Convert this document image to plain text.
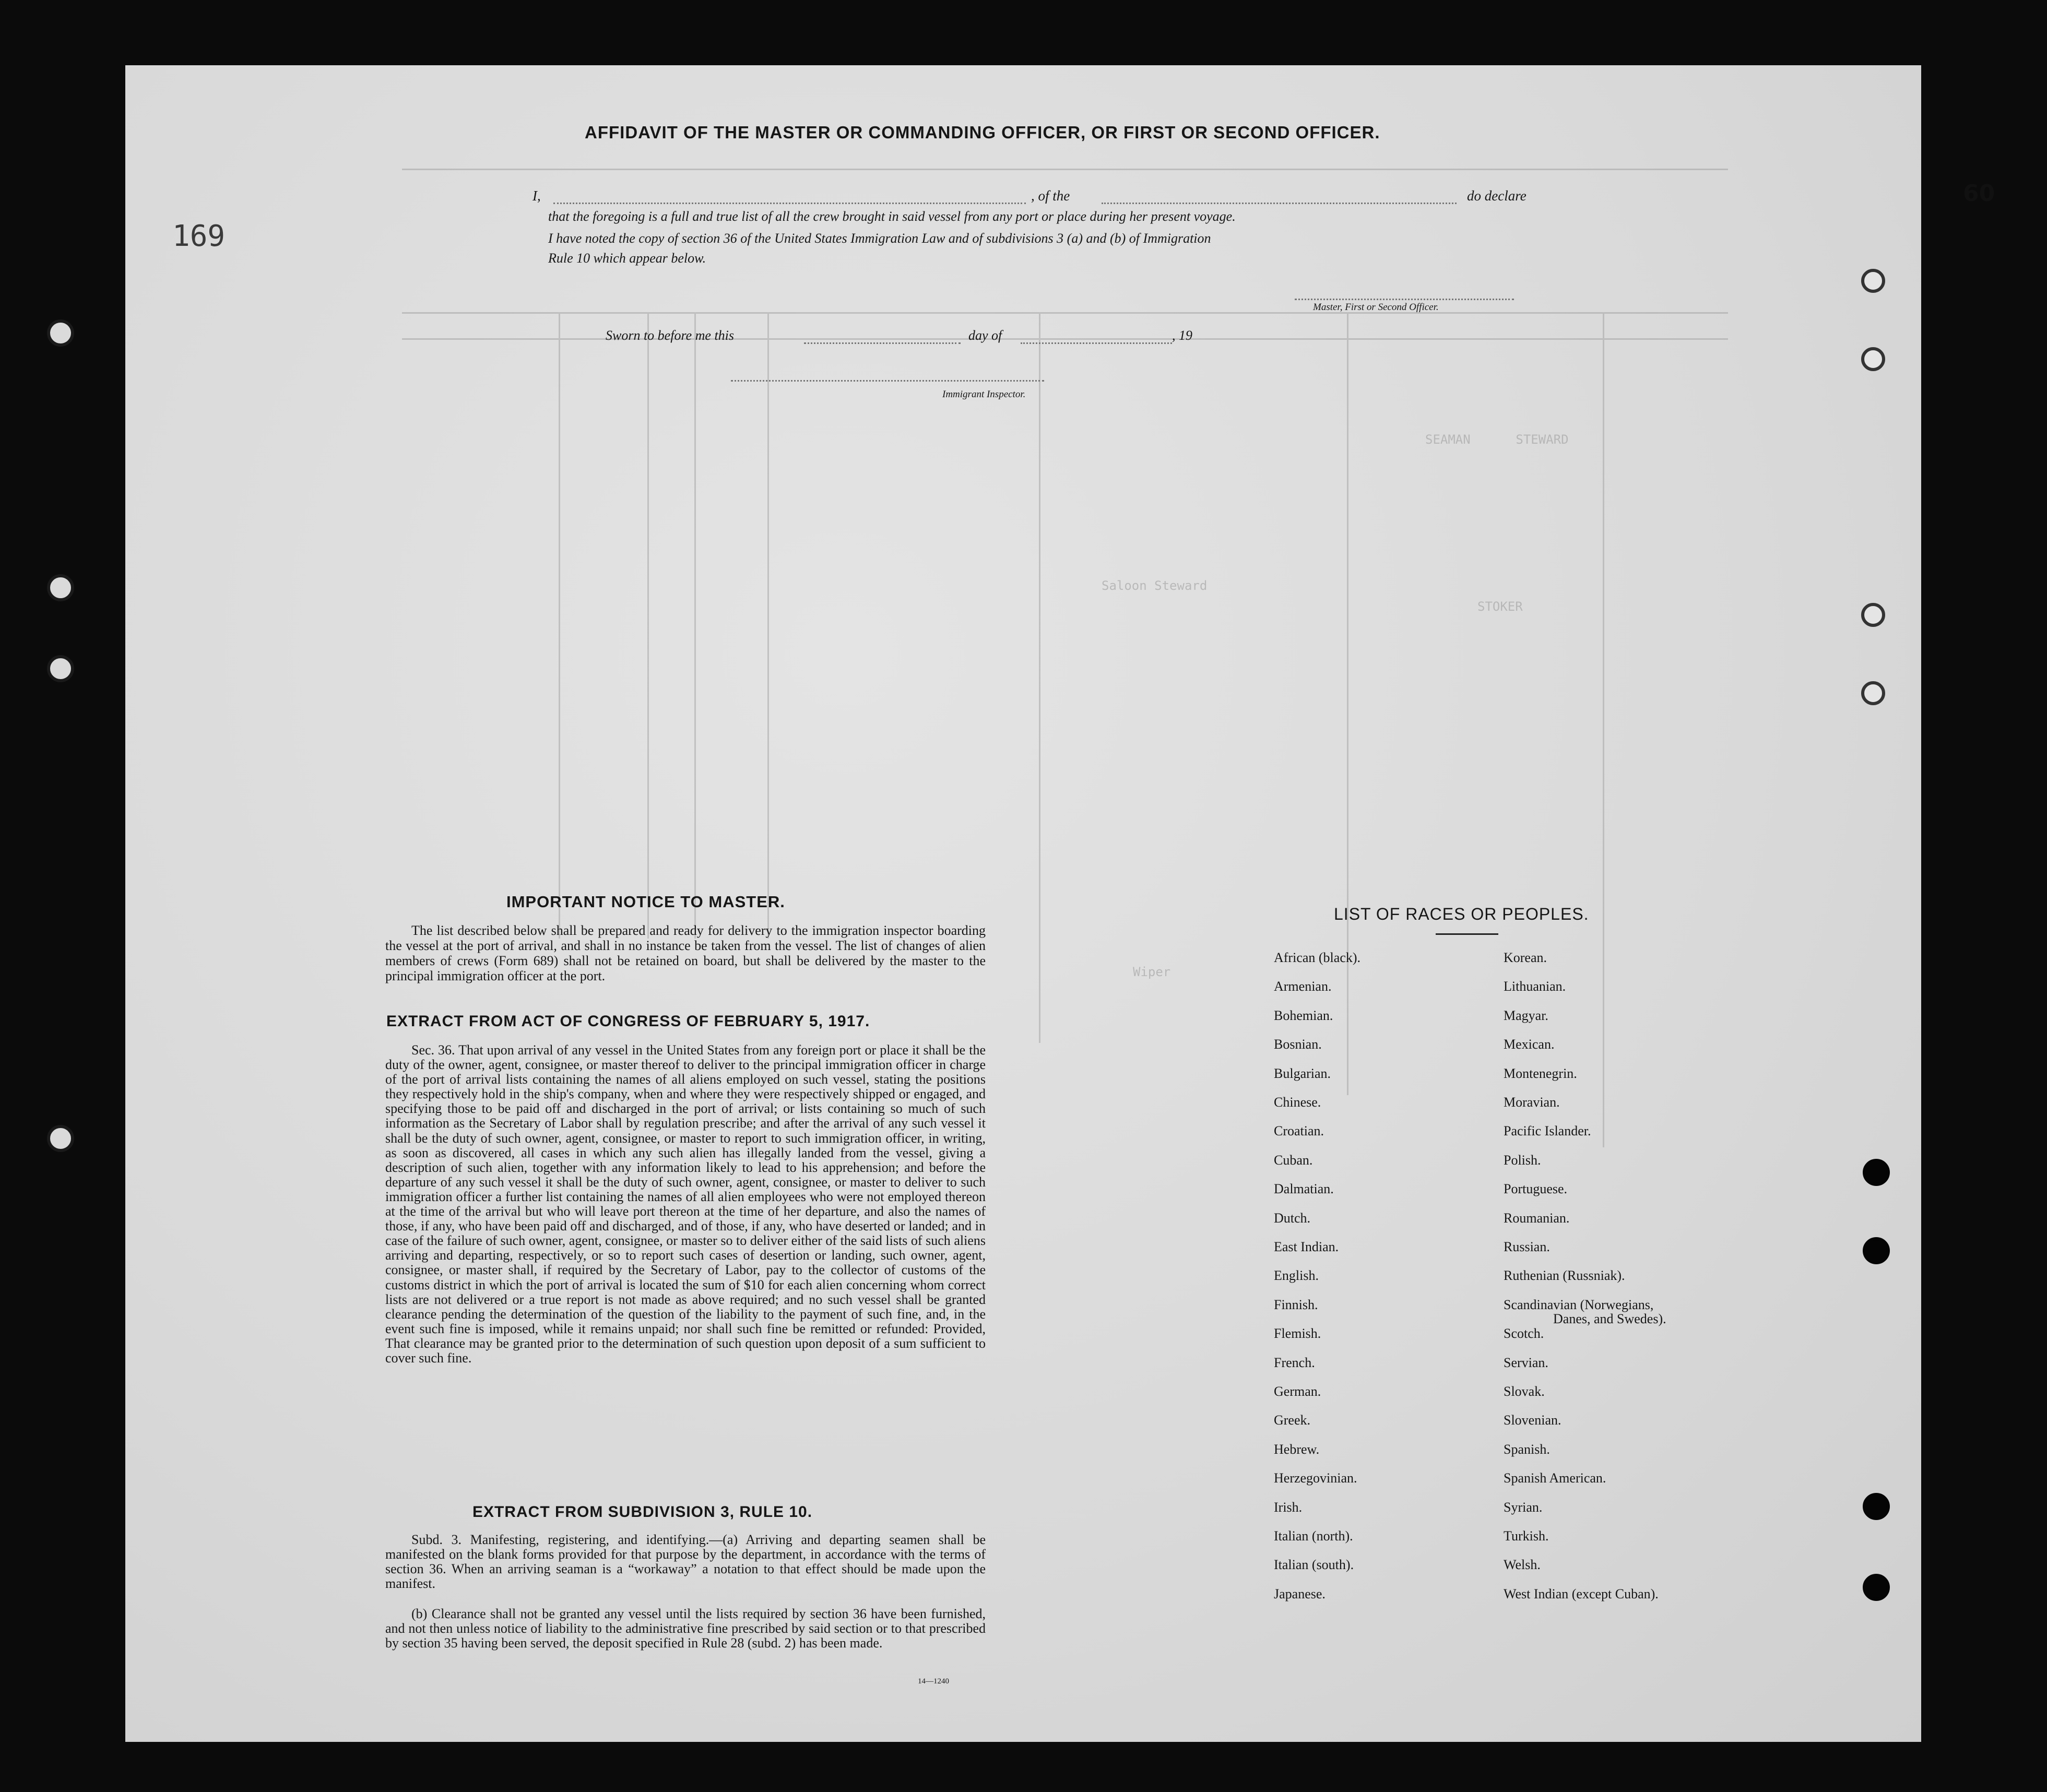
SEAMAN      STEWARD
STOKER
Saloon Steward
Wiper
169
60
AFFIDAVIT OF THE MASTER OR COMMANDING OFFICER, OR FIRST OR SECOND OFFICER.
I,	, of the	do declare
that the foregoing is a full and true list of all the crew brought in said vessel from any port or place during her present voyage.
I have noted the copy of section 36 of the United States Immigration Law and of subdivisions 3 (a) and (b) of Immigration
Rule 10 which appear below.
Master, First or Second Officer.
Sworn to before me this	day of	, 19
Immigrant Inspector.
IMPORTANT NOTICE TO MASTER.
The list described below shall be prepared and ready for delivery to the immigration inspector boarding the vessel at the port of arrival, and shall in no instance be taken from the vessel. The list of changes of alien members of crews (Form 689) shall not be retained on board, but shall be delivered by the master to the principal immigration officer at the port.
EXTRACT FROM ACT OF CONGRESS OF FEBRUARY 5, 1917.
Sec. 36. That upon arrival of any vessel in the United States from any foreign port or place it shall be the duty of the owner, agent, consignee, or master thereof to deliver to the principal immigration officer in charge of the port of arrival lists containing the names of all aliens employed on such vessel, stating the positions they respectively hold in the ship's company, when and where they were respectively shipped or engaged, and specifying those to be paid off and discharged in the port of arrival; or lists containing so much of such information as the Secretary of Labor shall by regulation prescribe; and after the arrival of any such vessel it shall be the duty of such owner, agent, consignee, or master to report to such immigration officer, in writing, as soon as discovered, all cases in which any such alien has illegally landed from the vessel, giving a description of such alien, together with any information likely to lead to his apprehension; and before the departure of any such vessel it shall be the duty of such owner, agent, consignee, or master to deliver to such immigration officer a further list containing the names of all alien employees who were not employed thereon at the time of the arrival but who will leave port thereon at the time of her departure, and also the names of those, if any, who have been paid off and discharged, and of those, if any, who have deserted or landed; and in case of the failure of such owner, agent, consignee, or master so to deliver either of the said lists of such aliens arriving and departing, respectively, or so to report such cases of desertion or landing, such owner, agent, consignee, or master shall, if required by the Secretary of Labor, pay to the collector of customs of the customs district in which the port of arrival is located the sum of $10 for each alien concerning whom correct lists are not delivered or a true report is not made as above required; and no such vessel shall be granted clearance pending the determination of the question of the liability to the payment of such fine, and, in the event such fine is imposed, while it remains unpaid; nor shall such fine be remitted or refunded: Provided, That clearance may be granted prior to the determination of such question upon deposit of a sum sufficient to cover such fine.
EXTRACT FROM SUBDIVISION 3, RULE 10.
Subd. 3. Manifesting, registering, and identifying.—(a) Arriving and departing seamen shall be manifested on the blank forms provided for that purpose by the department, in accordance with the terms of section 36. When an arriving seaman is a “workaway” a notation to that effect should be made upon the manifest.
(b) Clearance shall not be granted any vessel until the lists required by section 36 have been furnished, and not then unless notice of liability to the administrative fine prescribed by said section or to that prescribed by section 35 having been served, the deposit specified in Rule 28 (subd. 2) has been made.
14—1240
LIST OF RACES OR PEOPLES.
African (black).
Armenian.
Bohemian.
Bosnian.
Bulgarian.
Chinese.
Croatian.
Cuban.
Dalmatian.
Dutch.
East Indian.
English.
Finnish.
Flemish.
French.
German.
Greek.
Hebrew.
Herzegovinian.
Irish.
Italian (north).
Italian (south).
Japanese.
Korean.
Lithuanian.
Magyar.
Mexican.
Montenegrin.
Moravian.
Pacific Islander.
Polish.
Portuguese.
Roumanian.
Russian.
Ruthenian (Russniak).
Scandinavian (Norwegians,
Scotch.
Servian.
Slovak.
Slovenian.
Spanish.
Spanish American.
Syrian.
Turkish.
Welsh.
West Indian (except Cuban).
Danes, and Swedes).
